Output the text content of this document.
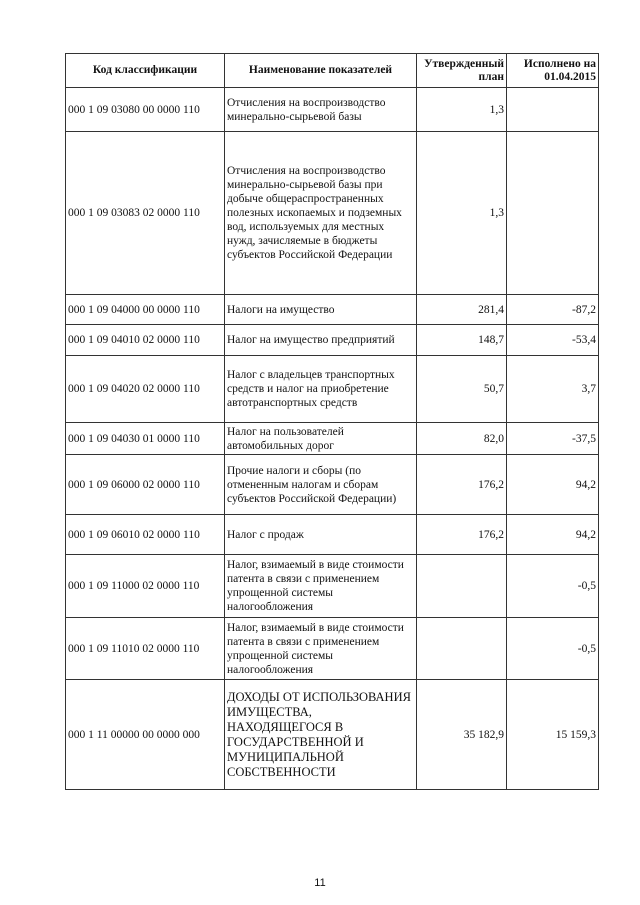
Код классификации	Наименование показателей	Утвержденный план	Исполнено на 01.04.2015
000 1 09 03080 00 0000 110	Отчисления на воспроизводство минерально-сырьевой базы	1,3	
000 1 09 03083 02 0000 110	Отчисления на воспроизводство минерально-сырьевой базы при добыче общераспространенных полезных ископаемых и подземных вод, используемых для местных нужд, зачисляемые в бюджеты субъектов Российской Федерации	1,3	
000 1 09 04000 00 0000 110	Налоги на имущество	281,4	-87,2
000 1 09 04010 02 0000 110	Налог на имущество предприятий	148,7	-53,4
000 1 09 04020 02 0000 110	Налог с владельцев транспортных средств и налог на приобретение автотранспортных средств	50,7	3,7
000 1 09 04030 01 0000 110	Налог на пользователей автомобильных дорог	82,0	-37,5
000 1 09 06000 02 0000 110	Прочие налоги и сборы (по отмененным налогам и сборам субъектов Российской Федерации)	176,2	94,2
000 1 09 06010 02 0000 110	Налог с продаж	176,2	94,2
000 1 09 11000 02 0000 110	Налог, взимаемый в виде стоимости патента в связи с применением упрощенной системы налогообложения		-0,5
000 1 09 11010 02 0000 110	Налог, взимаемый в виде стоимости патента в связи с применением упрощенной системы налогообложения		-0,5
000 1 11 00000 00 0000 000	ДОХОДЫ ОТ ИСПОЛЬЗОВАНИЯ ИМУЩЕСТВА, НАХОДЯЩЕГОСЯ В ГОСУДАРСТВЕННОЙ И МУНИЦИПАЛЬНОЙ СОБСТВЕННОСТИ	35 182,9	15 159,3
11
